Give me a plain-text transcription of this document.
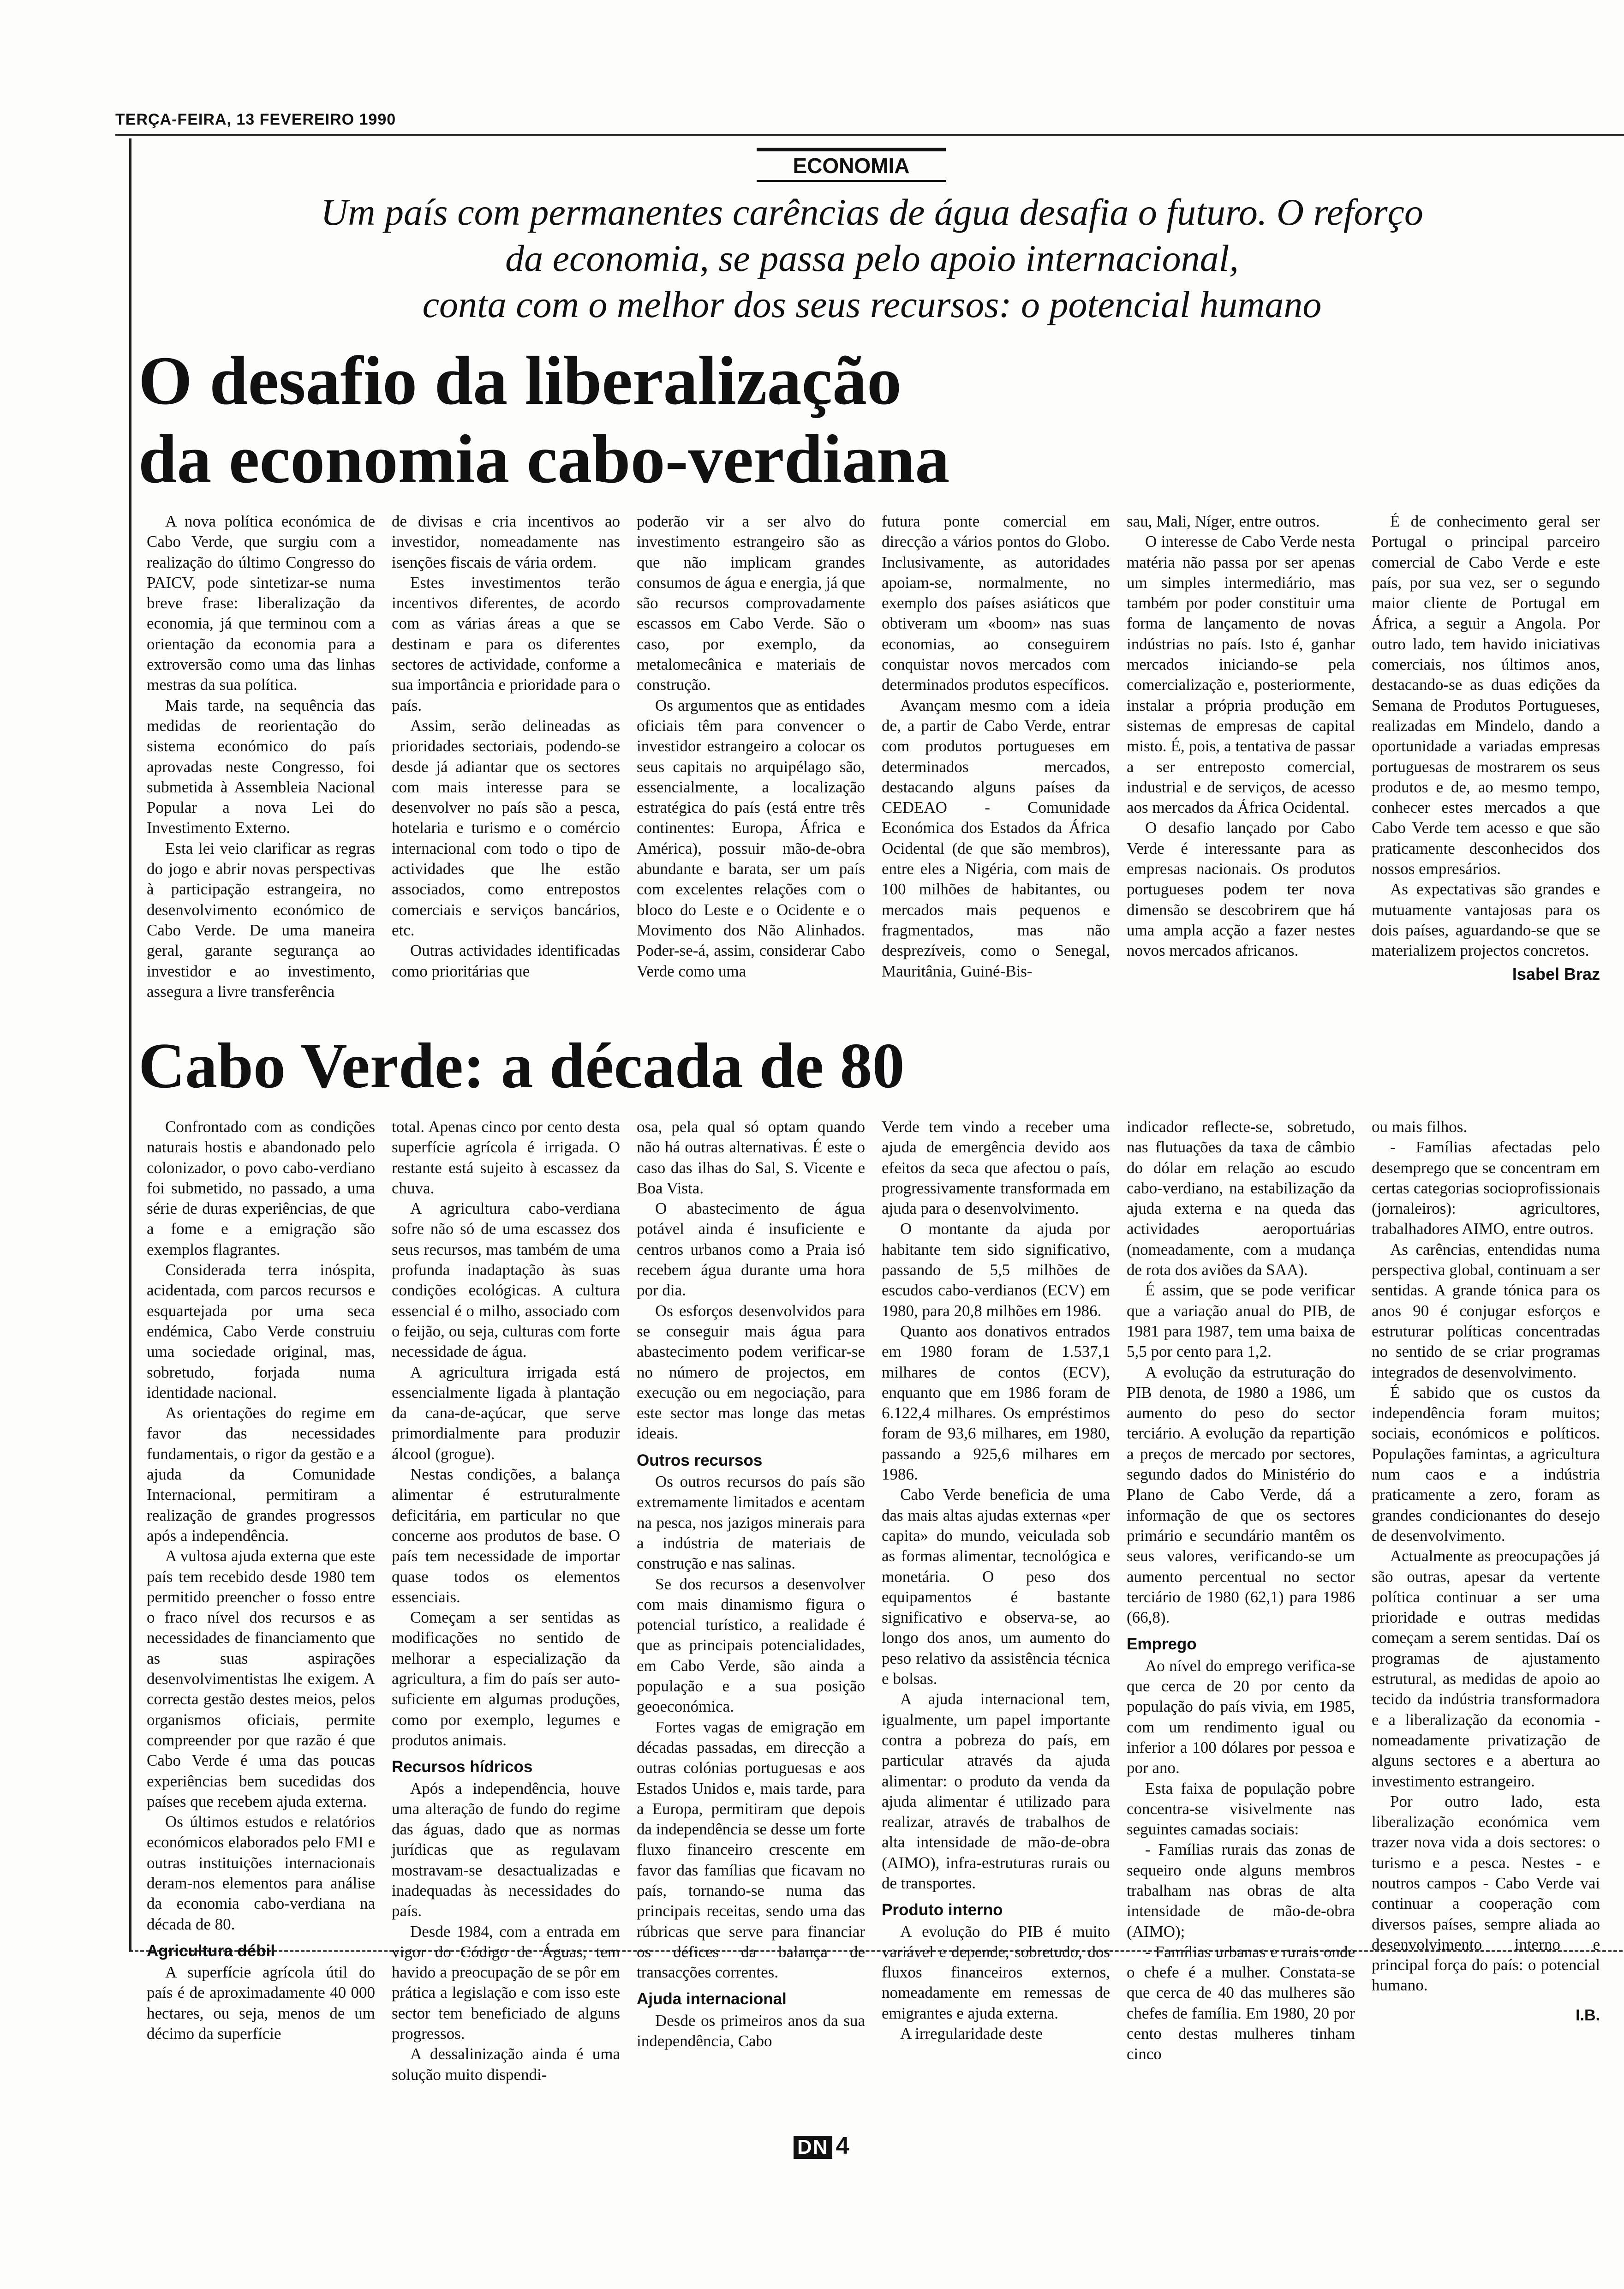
TERÇA-FEIRA, 13 FEVEREIRO 1990
ECONOMIA
Um país com permanentes carências de água desafia o futuro. O reforço
da economia, se passa pelo apoio internacional,
conta com o melhor dos seus recursos: o potencial humano
O desafio da liberalização
da economia cabo-verdiana

A nova política económica de Cabo Verde, que surgiu com a realização do último Congresso do PAICV, pode sintetizar-se numa breve frase: liberalização da economia, já que terminou com a orientação da economia para a extroversão como uma das linhas mestras da sua política.

Mais tarde, na sequência das medidas de reorientação do sistema económico do país aprovadas neste Congresso, foi submetida à Assembleia Nacional Popular a nova Lei do Investimento Externo.

Esta lei veio clarificar as regras do jogo e abrir novas perspectivas à participação estrangeira, no desenvolvimento económico de Cabo Verde. De uma maneira geral, garante segurança ao investidor e ao investimento, assegura a livre transferência

de divisas e cria incentivos ao investidor, nomeadamente nas isenções fiscais de vária ordem.

Estes investimentos terão incentivos diferentes, de acordo com as várias áreas a que se destinam e para os diferentes sectores de actividade, conforme a sua importância e prioridade para o país.

Assim, serão delineadas as prioridades sectoriais, podendo-se desde já adiantar que os sectores com mais interesse para se desenvolver no país são a pesca, hotelaria e turismo e o comércio internacional com todo o tipo de actividades que lhe estão associados, como entrepostos comerciais e serviços bancários, etc.

Outras actividades identificadas como prioritárias que

poderão vir a ser alvo do investimento estrangeiro são as que não implicam grandes consumos de água e energia, já que são recursos comprovadamente escassos em Cabo Verde. São o caso, por exemplo, da metalomecânica e materiais de construção.

Os argumentos que as entidades oficiais têm para convencer o investidor estrangeiro a colocar os seus capitais no arquipélago são, essencialmente, a localização estratégica do país (está entre três continentes: Europa, África e América), possuir mão-de-obra abundante e barata, ser um país com excelentes relações com o bloco do Leste e o Ocidente e o Movimento dos Não Alinhados. Poder-se-á, assim, considerar Cabo Verde como uma

futura ponte comercial em direcção a vários pontos do Globo. Inclusivamente, as autoridades apoiam-se, normalmente, no exemplo dos países asiáticos que obtiveram um «boom» nas suas economias, ao conseguirem conquistar novos mercados com determinados produtos específicos.

Avançam mesmo com a ideia de, a partir de Cabo Verde, entrar com produtos portugueses em determinados mercados, destacando alguns países da CEDEAO - Comunidade Económica dos Estados da África Ocidental (de que são membros), entre eles a Nigéria, com mais de 100 milhões de habitantes, ou mercados mais pequenos e fragmentados, mas não desprezíveis, como o Senegal, Mauritânia, Guiné-Bis-

sau, Mali, Níger, entre outros.

O interesse de Cabo Verde nesta matéria não passa por ser apenas um simples intermediário, mas também por poder constituir uma forma de lançamento de novas indústrias no país. Isto é, ganhar mercados iniciando-se pela comercialização e, posteriormente, instalar a própria produção em sistemas de empresas de capital misto. É, pois, a tentativa de passar a ser entreposto comercial, industrial e de serviços, de acesso aos mercados da África Ocidental.

O desafio lançado por Cabo Verde é interessante para as empresas nacionais. Os produtos portugueses podem ter nova dimensão se descobrirem que há uma ampla acção a fazer nestes novos mercados africanos.

É de conhecimento geral ser Portugal o principal parceiro comercial de Cabo Verde e este país, por sua vez, ser o segundo maior cliente de Portugal em África, a seguir a Angola. Por outro lado, tem havido iniciativas comerciais, nos últimos anos, destacando-se as duas edições da Semana de Produtos Portugueses, realizadas em Mindelo, dando a oportunidade a variadas empresas portuguesas de mostrarem os seus produtos e de, ao mesmo tempo, conhecer estes mercados a que Cabo Verde tem acesso e que são praticamente desconhecidos dos nossos empresários.

As expectativas são grandes e mutuamente vantajosas para os dois países, aguardando-se que se materializem projectos concretos.

Isabel Braz
Cabo Verde: a década de 80

Confrontado com as condições naturais hostis e abandonado pelo colonizador, o povo cabo-verdiano foi submetido, no passado, a uma série de duras experiências, de que a fome e a emigração são exemplos flagrantes.

Considerada terra inóspita, acidentada, com parcos recursos e esquartejada por uma seca endémica, Cabo Verde construiu uma sociedade original, mas, sobretudo, forjada numa identidade nacional.

As orientações do regime em favor das necessidades fundamentais, o rigor da gestão e a ajuda da Comunidade Internacional, permitiram a realização de grandes progressos após a independência.

A vultosa ajuda externa que este país tem recebido desde 1980 tem permitido preencher o fosso entre o fraco nível dos recursos e as necessidades de financiamento que as suas aspirações desenvolvimentistas lhe exigem. A correcta gestão destes meios, pelos organismos oficiais, permite compreender por que razão é que Cabo Verde é uma das poucas experiências bem sucedidas dos países que recebem ajuda externa.

Os últimos estudos e relatórios económicos elaborados pelo FMI e outras instituições internacionais deram-nos elementos para análise da economia cabo-verdiana na década de 80.

Agricultura débil

A superfície agrícola útil do país é de aproximadamente 40 000 hectares, ou seja, menos de um décimo da superfície

total. Apenas cinco por cento desta superfície agrícola é irrigada. O restante está sujeito à escassez da chuva.

A agricultura cabo-verdiana sofre não só de uma escassez dos seus recursos, mas também de uma profunda inadaptação às suas condições ecológicas. A cultura essencial é o milho, associado com o feijão, ou seja, culturas com forte necessidade de água.

A agricultura irrigada está essencialmente ligada à plantação da cana-de-açúcar, que serve primordialmente para produzir álcool (grogue).

Nestas condições, a balança alimentar é estruturalmente deficitária, em particular no que concerne aos produtos de base. O país tem necessidade de importar quase todos os elementos essenciais.

Começam a ser sentidas as modificações no sentido de melhorar a especialização da agricultura, a fim do país ser auto-suficiente em algumas produções, como por exemplo, legumes e produtos animais.

Recursos hídricos

Após a independência, houve uma alteração de fundo do regime das águas, dado que as normas jurídicas que as regulavam mostravam-se desactualizadas e inadequadas às necessidades do país.

Desde 1984, com a entrada em vigor do Código de Águas, tem havido a preocupação de se pôr em prática a legislação e com isso este sector tem beneficiado de alguns progressos.

A dessalinização ainda é uma solução muito dispendi-

osa, pela qual só optam quando não há outras alternativas. É este o caso das ilhas do Sal, S. Vicente e Boa Vista.

O abastecimento de água potável ainda é insuficiente e centros urbanos como a Praia isó recebem água durante uma hora por dia.

Os esforços desenvolvidos para se conseguir mais água para abastecimento podem verificar-se no número de projectos, em execução ou em negociação, para este sector mas longe das metas ideais.

Outros recursos

Os outros recursos do país são extremamente limitados e acentam na pesca, nos jazigos minerais para a indústria de materiais de construção e nas salinas.

Se dos recursos a desenvolver com mais dinamismo figura o potencial turístico, a realidade é que as principais potencialidades, em Cabo Verde, são ainda a população e a sua posição geoeconómica.

Fortes vagas de emigração em décadas passadas, em direcção a outras colónias portuguesas e aos Estados Unidos e, mais tarde, para a Europa, permitiram que depois da independência se desse um forte fluxo financeiro crescente em favor das famílias que ficavam no país, tornando-se numa das principais receitas, sendo uma das rúbricas que serve para financiar os défices da balança de transacções correntes.

Ajuda internacional

Desde os primeiros anos da sua independência, Cabo

Verde tem vindo a receber uma ajuda de emergência devido aos efeitos da seca que afectou o país, progressivamente transformada em ajuda para o desenvolvimento.

O montante da ajuda por habitante tem sido significativo, passando de 5,5 milhões de escudos cabo-verdianos (ECV) em 1980, para 20,8 milhões em 1986.

Quanto aos donativos entrados em 1980 foram de 1.537,1 milhares de contos (ECV), enquanto que em 1986 foram de 6.122,4 milhares. Os empréstimos foram de 93,6 milhares, em 1980, passando a 925,6 milhares em 1986.

Cabo Verde beneficia de uma das mais altas ajudas externas «per capita» do mundo, veiculada sob as formas alimentar, tecnológica e monetária. O peso dos equipamentos é bastante significativo e observa-se, ao longo dos anos, um aumento do peso relativo da assistência técnica e bolsas.

A ajuda internacional tem, igualmente, um papel importante contra a pobreza do país, em particular através da ajuda alimentar: o produto da venda da ajuda alimentar é utilizado para realizar, através de trabalhos de alta intensidade de mão-de-obra (AIMO), infra-estruturas rurais ou de transportes.

Produto interno

A evolução do PIB é muito variável e depende, sobretudo, dos fluxos financeiros externos, nomeadamente em remessas de emigrantes e ajuda externa.

A irregularidade deste

indicador reflecte-se, sobretudo, nas flutuações da taxa de câmbio do dólar em relação ao escudo cabo-verdiano, na estabilização da ajuda externa e na queda das actividades aeroportuárias (nomeadamente, com a mudança de rota dos aviões da SAA).

É assim, que se pode verificar que a variação anual do PIB, de 1981 para 1987, tem uma baixa de 5,5 por cento para 1,2.

A evolução da estruturação do PIB denota, de 1980 a 1986, um aumento do peso do sector terciário. A evolução da repartição a preços de mercado por sectores, segundo dados do Ministério do Plano de Cabo Verde, dá a informação de que os sectores primário e secundário mantêm os seus valores, verificando-se um aumento percentual no sector terciário de 1980 (62,1) para 1986 (66,8).

Emprego

Ao nível do emprego verifica-se que cerca de 20 por cento da população do país vivia, em 1985, com um rendimento igual ou inferior a 100 dólares por pessoa e por ano.

Esta faixa de população pobre concentra-se visivelmente nas seguintes camadas sociais:

- Famílias rurais das zonas de sequeiro onde alguns membros trabalham nas obras de alta intensidade de mão-de-obra (AIMO);

- Famílias urbanas e rurais onde o chefe é a mulher. Constata-se que cerca de 40 das mulheres são chefes de família. Em 1980, 20 por cento destas mulheres tinham cinco

ou mais filhos.

- Famílias afectadas pelo desemprego que se concentram em certas categorias socioprofissionais (jornaleiros): agricultores, trabalhadores AIMO, entre outros.

As carências, entendidas numa perspectiva global, continuam a ser sentidas. A grande tónica para os anos 90 é conjugar esforços e estruturar políticas concentradas no sentido de se criar programas integrados de desenvolvimento.

É sabido que os custos da independência foram muitos; sociais, económicos e políticos. Populações famintas, a agricultura num caos e a indústria praticamente a zero, foram as grandes condicionantes do desejo de desenvolvimento.

Actualmente as preocupações já são outras, apesar da vertente política continuar a ser uma prioridade e outras medidas começam a serem sentidas. Daí os programas de ajustamento estrutural, as medidas de apoio ao tecido da indústria transformadora e a liberalização da economia - nomeadamente privatização de alguns sectores e a abertura ao investimento estrangeiro.

Por outro lado, esta liberalização económica vem trazer nova vida a dois sectores: o turismo e a pesca. Nestes - e noutros campos - Cabo Verde vai continuar a cooperação com diversos países, sempre aliada ao desenvolvimento interno e principal força do país: o potencial humano.

I.B.
DN 4
